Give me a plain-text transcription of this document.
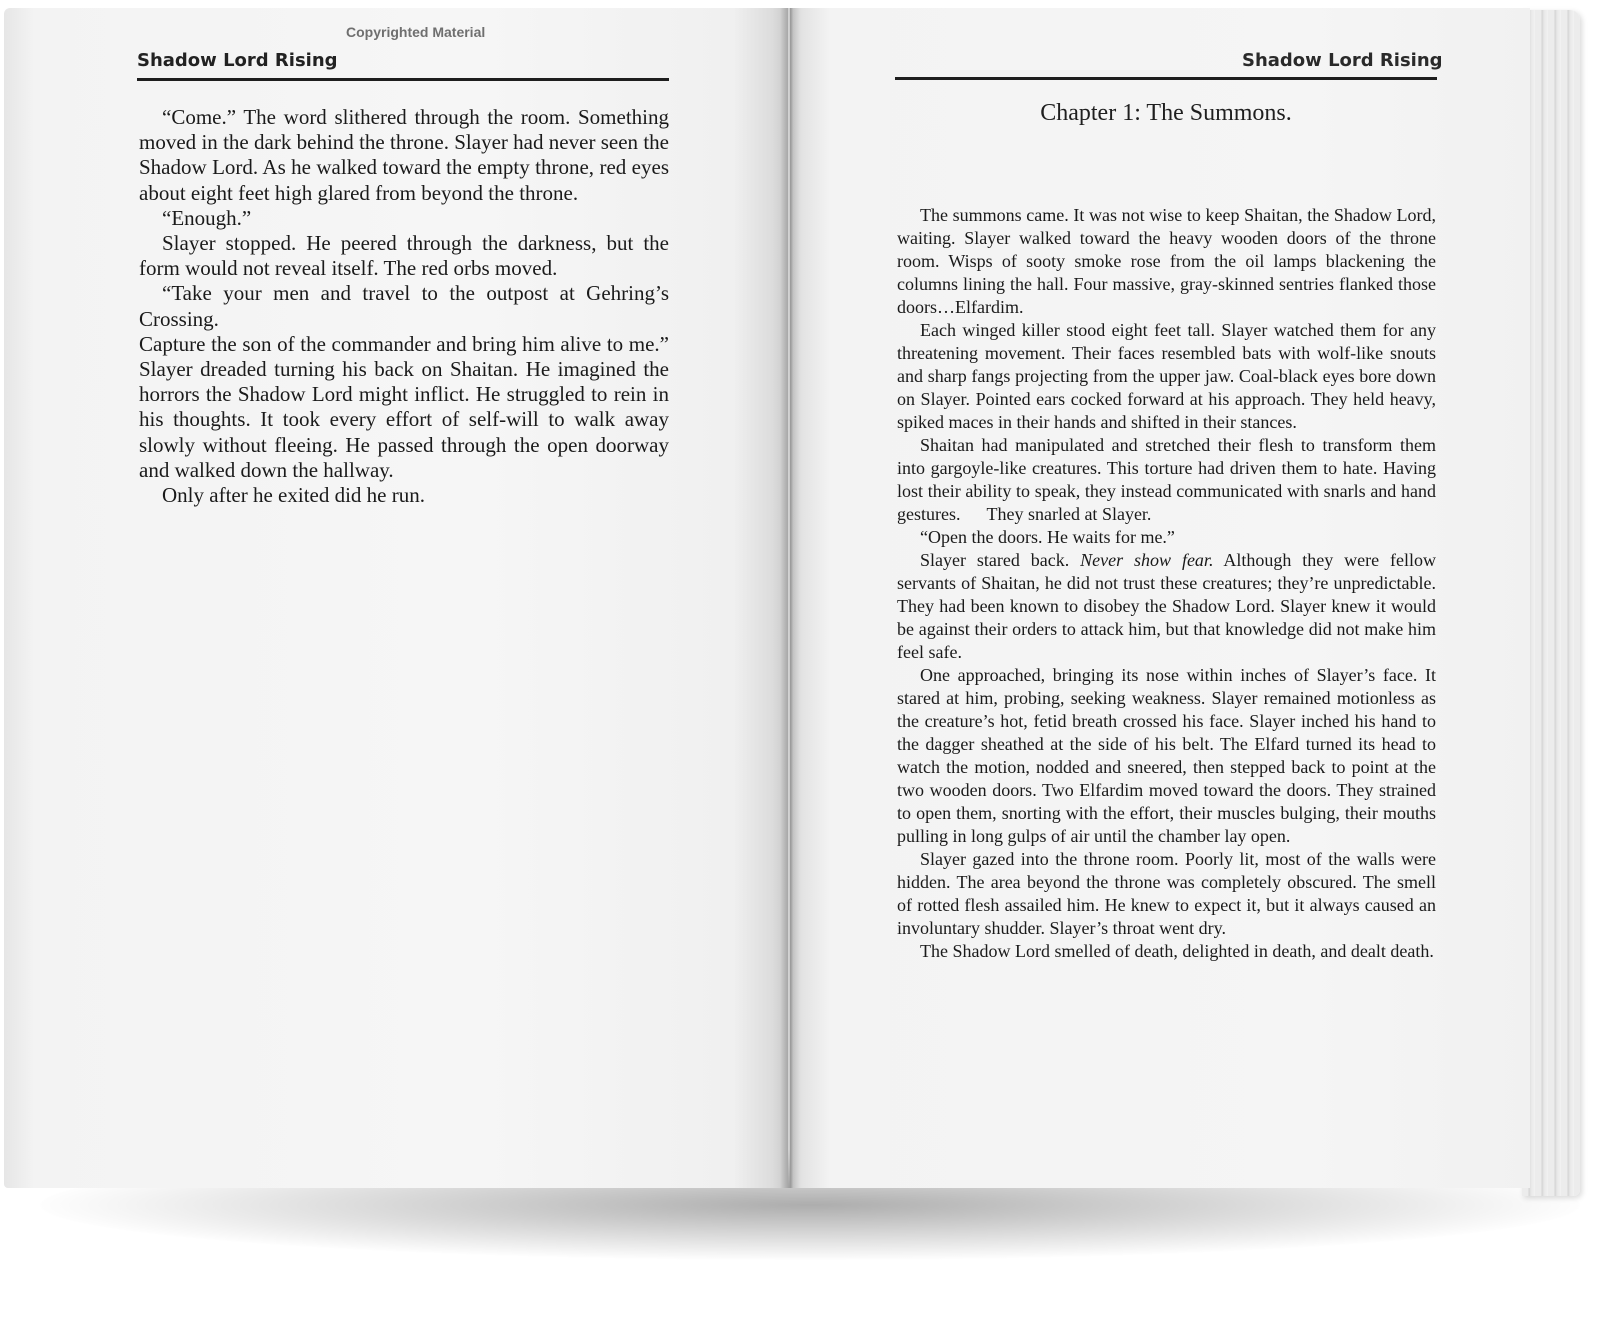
Copyrighted Material
Shadow Lord Rising

“Come.” The word slithered through the room. Something moved in the dark behind the throne. Slayer had never seen the Shadow Lord. As he walked toward the empty throne, red eyes about eight feet high glared from beyond the throne.

“Enough.”

Slayer stopped. He peered through the darkness, but the form would not reveal itself. The red orbs moved.

“Take your men and travel to the outpost at Gehring’s Crossing.

Capture the son of the commander and bring him alive to me.” Slayer dreaded turning his back on Shaitan. He imagined the horrors the Shadow Lord might inflict. He struggled to rein in his thoughts. It took every effort of self-will to walk away slowly without fleeing. He passed through the open doorway and walked down the hallway.

Only after he exited did he run.

Shadow Lord Rising
Chapter 1: The Summons.

The summons came. It was not wise to keep Shaitan, the Shadow Lord, waiting. Slayer walked toward the heavy wooden doors of the throne room. Wisps of sooty smoke rose from the oil lamps blackening the columns lining the hall. Four massive, gray-skinned sentries flanked those doors…Elfardim.

Each winged killer stood eight feet tall. Slayer watched them for any threatening movement. Their faces resembled bats with wolf-like snouts and sharp fangs projecting from the upper jaw. Coal-black eyes bore down on Slayer. Pointed ears cocked forward at his approach. They held heavy, spiked maces in their hands and shifted in their stances.

Shaitan had manipulated and stretched their flesh to transform them into gargoyle-like creatures. This torture had driven them to hate. Having lost their ability to speak, they instead communicated with snarls and hand gestures. They snarled at Slayer.

“Open the doors. He waits for me.”

Slayer stared back. Never show fear. Although they were fellow servants of Shaitan, he did not trust these creatures; they’re unpredictable. They had been known to disobey the Shadow Lord. Slayer knew it would be against their orders to attack him, but that knowledge did not make him feel safe.

One approached, bringing its nose within inches of Slayer’s face. It stared at him, probing, seeking weakness. Slayer remained motionless as the creature’s hot, fetid breath crossed his face. Slayer inched his hand to the dagger sheathed at the side of his belt. The Elfard turned its head to watch the motion, nodded and sneered, then stepped back to point at the two wooden doors. Two Elfardim moved toward the doors. They strained to open them, snorting with the effort, their muscles bulging, their mouths pulling in long gulps of air until the chamber lay open.

Slayer gazed into the throne room. Poorly lit, most of the walls were hidden. The area beyond the throne was completely obscured. The smell of rotted flesh assailed him. He knew to expect it, but it always caused an involuntary shudder. Slayer’s throat went dry.

The Shadow Lord smelled of death, delighted in death, and dealt death.
